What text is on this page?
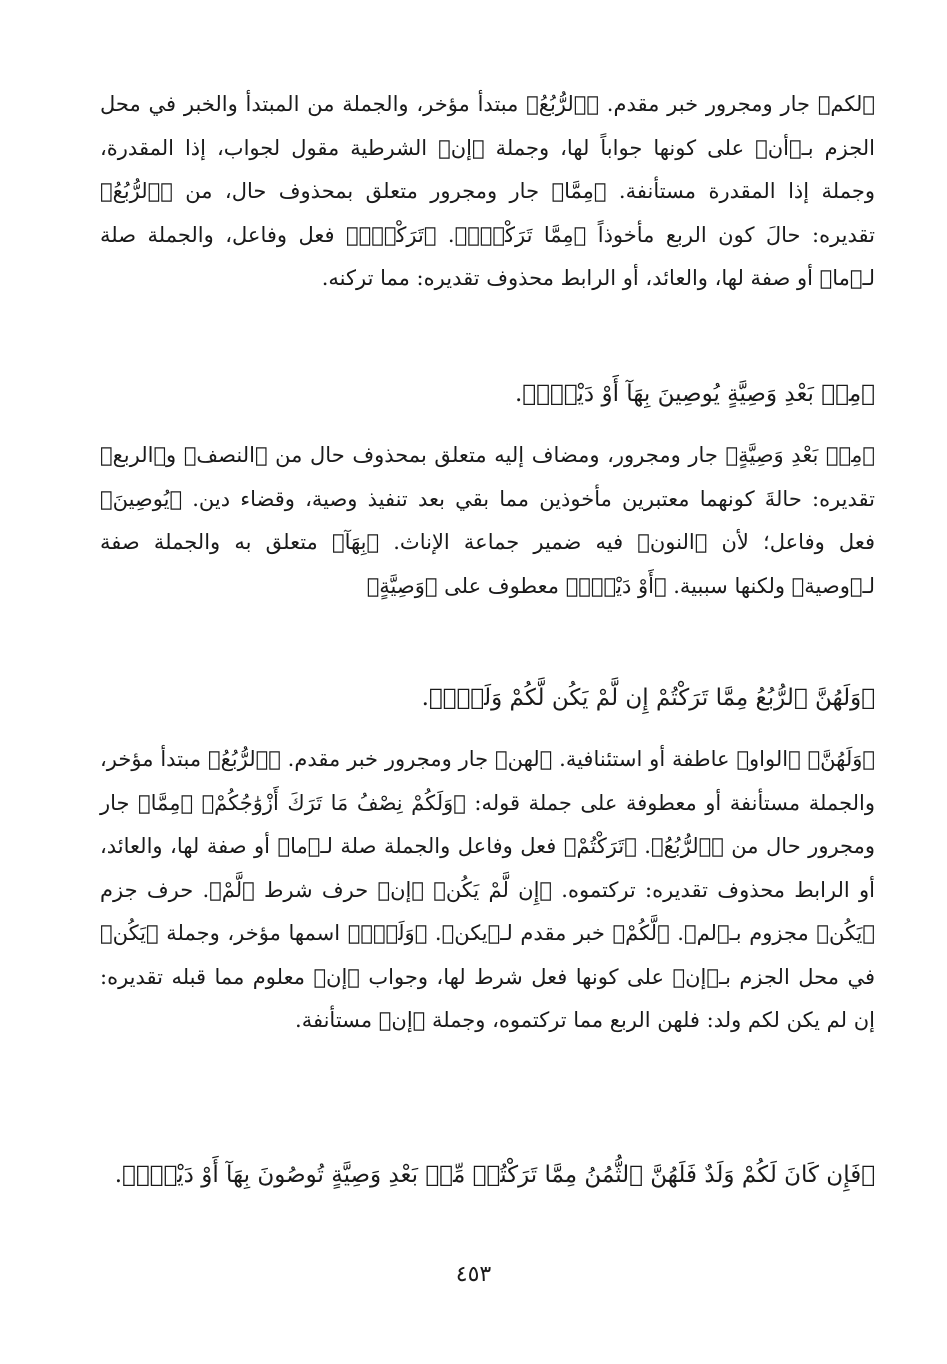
﴿لكم﴾ جار ومجرور خبر مقدم. ﴿ٱلرُّبُعُ﴾ مبتدأ مؤخر، والجملة من المبتدأ والخبر في محل الجزم بـ﴿أن﴾ على كونها جواباً لها، وجملة ﴿إن﴾ الشرطية مقول لجواب، إذا المقدرة، وجملة إذا المقدرة مستأنفة. ﴿مِمَّا﴾ جار ومجرور متعلق بمحذوف حال، من ﴿ٱلرُّبُعُ﴾ تقديره: حالَ كون الربع مأخوذاً ﴿مِمَّا تَرَكْنَۚ﴾. ﴿تَرَكْنَۚ﴾ فعل وفاعل، والجملة صلة لـ﴿ما﴾ أو صفة لها، والعائد، أو الرابط محذوف تقديره: مما تركنه.
﴿مِنۢ بَعْدِ وَصِيَّةٍ يُوصِينَ بِهَآ أَوْ دَيْنٍۚ﴾.
﴿مِنۢ بَعْدِ وَصِيَّةٍ﴾ جار ومجرور، ومضاف إليه متعلق بمحذوف حال من ﴿النصف﴾ و﴿الربع﴾ تقديره: حالةَ كونهما معتبرين مأخوذين مما بقي بعد تنفيذ وصية، وقضاء دين. ﴿يُوصِينَ﴾ فعل وفاعل؛ لأن ﴿النون﴾ فيه ضمير جماعة الإناث. ﴿بِهَآ﴾ متعلق به والجملة صفة لـ﴿وصية﴾ ولكنها سببية. ﴿أَوْ دَيْنٍۚ﴾ معطوف على ﴿وَصِيَّةٍ﴾
﴿وَلَهُنَّ ٱلرُّبُعُ مِمَّا تَرَكْتُمْ إِن لَّمْ يَكُن لَّكُمْ وَلَدٌۚ﴾.
﴿وَلَهُنَّ﴾ ﴿الواو﴾ عاطفة أو استئنافية. ﴿لهن﴾ جار ومجرور خبر مقدم. ﴿ٱلرُّبُعُ﴾ مبتدأ مؤخر، والجملة مستأنفة أو معطوفة على جملة قوله: ﴿وَلَكُمْ نِصْفُ مَا تَرَكَ أَزْوَٰجُكُمْ﴾ ﴿مِمَّا﴾ جار ومجرور حال من ﴿ٱلرُّبُعُ﴾. ﴿تَرَكْتُمْ﴾ فعل وفاعل والجملة صلة لـ﴿ما﴾ أو صفة لها، والعائد، أو الرابط محذوف تقديره: تركتموه. ﴿إِن لَّمْ يَكُن﴾ ﴿إن﴾ حرف شرط ﴿لَّمْ﴾. حرف جزم ﴿يَكُن﴾ مجزوم بـ﴿لم﴾. ﴿لَّكُمْ﴾ خبر مقدم لـ﴿يكن﴾. ﴿وَلَدٌۚ﴾ اسمها مؤخر، وجملة ﴿يَكُن﴾ في محل الجزم بـ﴿إن﴾ على كونها فعل شرط لها، وجواب ﴿إن﴾ معلوم مما قبله تقديره: إن لم يكن لكم ولد: فلهن الربع مما تركتموه، وجملة ﴿إن﴾ مستأنفة.
﴿فَإِن كَانَ لَكُمْ وَلَدٌ فَلَهُنَّ ٱلثُّمُنُ مِمَّا تَرَكْتُمۚ مِّنۢ بَعْدِ وَصِيَّةٍ تُوصُونَ بِهَآ أَوْ دَيْنٍۗ﴾.
٤٥٣
